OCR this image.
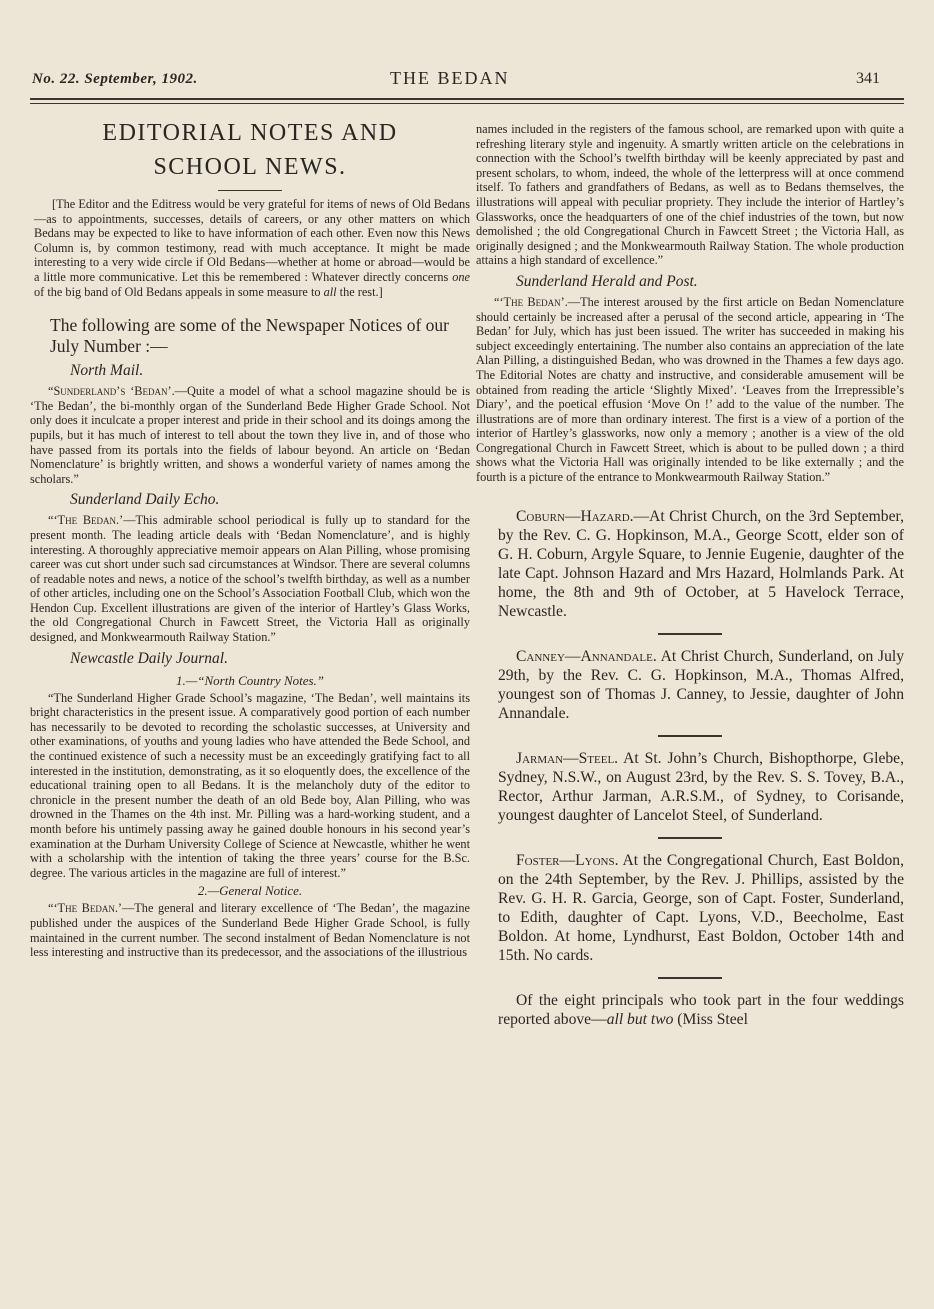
No. 22. September, 1902.	THE BEDAN	341
EDITORIAL NOTES AND
SCHOOL NEWS.

[The Editor and the Editress would be very grateful for items of news of Old Bedans—as to appointments, successes, details of careers, or any other matters on which Bedans may be expected to like to have information of each other. Even now this News Column is, by common testimony, read with much acceptance. It might be made interesting to a very wide circle if Old Bedans—whether at home or abroad—would be a little more communicative. Let this be remembered : Whatever directly concerns one of the big band of Old Bedans appeals in some measure to all the rest.]

The following are some of the Newspaper Notices of our July Number :—

North Mail.

“Sunderland’s ‘Bedan’.—Quite a model of what a school magazine should be is ‘The Bedan’, the bi-monthly organ of the Sunderland Bede Higher Grade School. Not only does it inculcate a proper interest and pride in their school and its doings among the pupils, but it has much of interest to tell about the town they live in, and of those who have passed from its portals into the fields of labour beyond. An article on ‘Bedan Nomenclature’ is brightly written, and shows a wonderful variety of names among the scholars.”

Sunderland Daily Echo.

“‘The Bedan.’—This admirable school periodical is fully up to standard for the present month. The leading article deals with ‘Bedan Nomenclature’, and is highly interesting. A thoroughly appreciative memoir appears on Alan Pilling, whose promising career was cut short under such sad circumstances at Windsor. There are several columns of readable notes and news, a notice of the school’s twelfth birthday, as well as a number of other articles, including one on the School’s Association Football Club, which won the Hendon Cup. Excellent illustrations are given of the interior of Hartley’s Glass Works, the old Congregational Church in Fawcett Street, the Victoria Hall as originally designed, and Monkwearmouth Railway Station.”

Newcastle Daily Journal.

1.—“North Country Notes.”

“The Sunderland Higher Grade School’s magazine, ‘The Bedan’, well maintains its bright characteristics in the present issue. A comparatively good portion of each number has necessarily to be devoted to recording the scholastic successes, at University and other examinations, of youths and young ladies who have attended the Bede School, and the continued existence of such a necessity must be an exceedingly gratifying fact to all interested in the institution, demonstrating, as it so eloquently does, the excellence of the educational training open to all Bedans. It is the melancholy duty of the editor to chronicle in the present number the death of an old Bede boy, Alan Pilling, who was drowned in the Thames on the 4th inst. Mr. Pilling was a hard-working student, and a month before his untimely passing away he gained double honours in his second year’s examination at the Durham University College of Science at Newcastle, whither he went with a scholarship with the intention of taking the three years’ course for the B.Sc. degree. The various articles in the magazine are full of interest.”

2.—General Notice.

“‘The Bedan.’—The general and literary excellence of ‘The Bedan’, the magazine published under the auspices of the Sunderland Bede Higher Grade School, is fully maintained in the current number. The second instalment of Bedan Nomenclature is not less interesting and instructive than its predecessor, and the associations of the illustrious

names included in the registers of the famous school, are remarked upon with quite a refreshing literary style and ingenuity. A smartly written article on the celebrations in connection with the School’s twelfth birthday will be keenly appreciated by past and present scholars, to whom, indeed, the whole of the letterpress will at once commend itself. To fathers and grandfathers of Bedans, as well as to Bedans themselves, the illustrations will appeal with peculiar propriety. They include the interior of Hartley’s Glassworks, once the headquarters of one of the chief industries of the town, but now demolished ; the old Congregational Church in Fawcett Street ; the Victoria Hall, as originally designed ; and the Monkwearmouth Railway Station. The whole production attains a high standard of excellence.”

Sunderland Herald and Post.

“‘The Bedan’.—The interest aroused by the first article on Bedan Nomenclature should certainly be increased after a perusal of the second article, appearing in ‘The Bedan’ for July, which has just been issued. The writer has succeeded in making his subject exceedingly entertaining. The number also contains an appreciation of the late Alan Pilling, a distinguished Bedan, who was drowned in the Thames a few days ago. The Editorial Notes are chatty and instructive, and considerable amusement will be obtained from reading the article ‘Slightly Mixed’. ‘Leaves from the Irrepressible’s Diary’, and the poetical effusion ‘Move On !’ add to the value of the number. The illustrations are of more than ordinary interest. The first is a view of a portion of the interior of Hartley’s glassworks, now only a memory ; another is a view of the old Congregational Church in Fawcett Street, which is about to be pulled down ; a third shows what the Victoria Hall was originally intended to be like externally ; and the fourth is a picture of the entrance to Monkwearmouth Railway Station.”

Coburn—Hazard.—At Christ Church, on the 3rd September, by the Rev. C. G. Hopkinson, M.A., George Scott, elder son of G. H. Coburn, Argyle Square, to Jennie Eugenie, daughter of the late Capt. Johnson Hazard and Mrs Hazard, Holmlands Park. At home, the 8th and 9th of October, at 5 Havelock Terrace, Newcastle.

Canney—Annandale. At Christ Church, Sunderland, on July 29th, by the Rev. C. G. Hopkinson, M.A., Thomas Alfred, youngest son of Thomas J. Canney, to Jessie, daughter of John Annandale.

Jarman—Steel. At St. John’s Church, Bishopthorpe, Glebe, Sydney, N.S.W., on August 23rd, by the Rev. S. S. Tovey, B.A., Rector, Arthur Jarman, A.R.S.M., of Sydney, to Corisande, youngest daughter of Lancelot Steel, of Sunderland.

Foster—Lyons. At the Congregational Church, East Boldon, on the 24th September, by the Rev. J. Phillips, assisted by the Rev. G. H. R. Garcia, George, son of Capt. Foster, Sunderland, to Edith, daughter of Capt. Lyons, V.D., Beecholme, East Boldon. At home, Lyndhurst, East Boldon, October 14th and 15th. No cards.

Of the eight principals who took part in the four weddings reported above—all but two (Miss Steel
